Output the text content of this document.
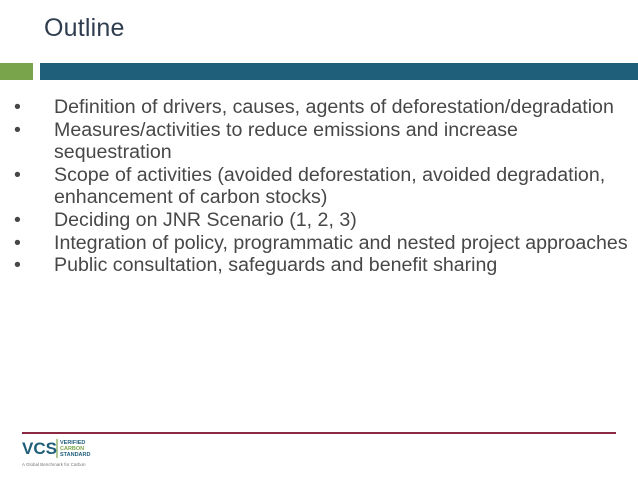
Outline
•	Definition of drivers, causes, agents of deforestation/degradation
•	Measures/activities to reduce emissions and increase sequestration
•	Scope of activities (avoided deforestation, avoided degradation, enhancement of carbon stocks)
•	Deciding on JNR Scenario (1, 2, 3)
•	Integration of policy, programmatic and nested project approaches
•	Public consultation, safeguards and benefit sharing
VCS VERIFIED
CARBON
STANDARD
A Global Benchmark for Carbon
